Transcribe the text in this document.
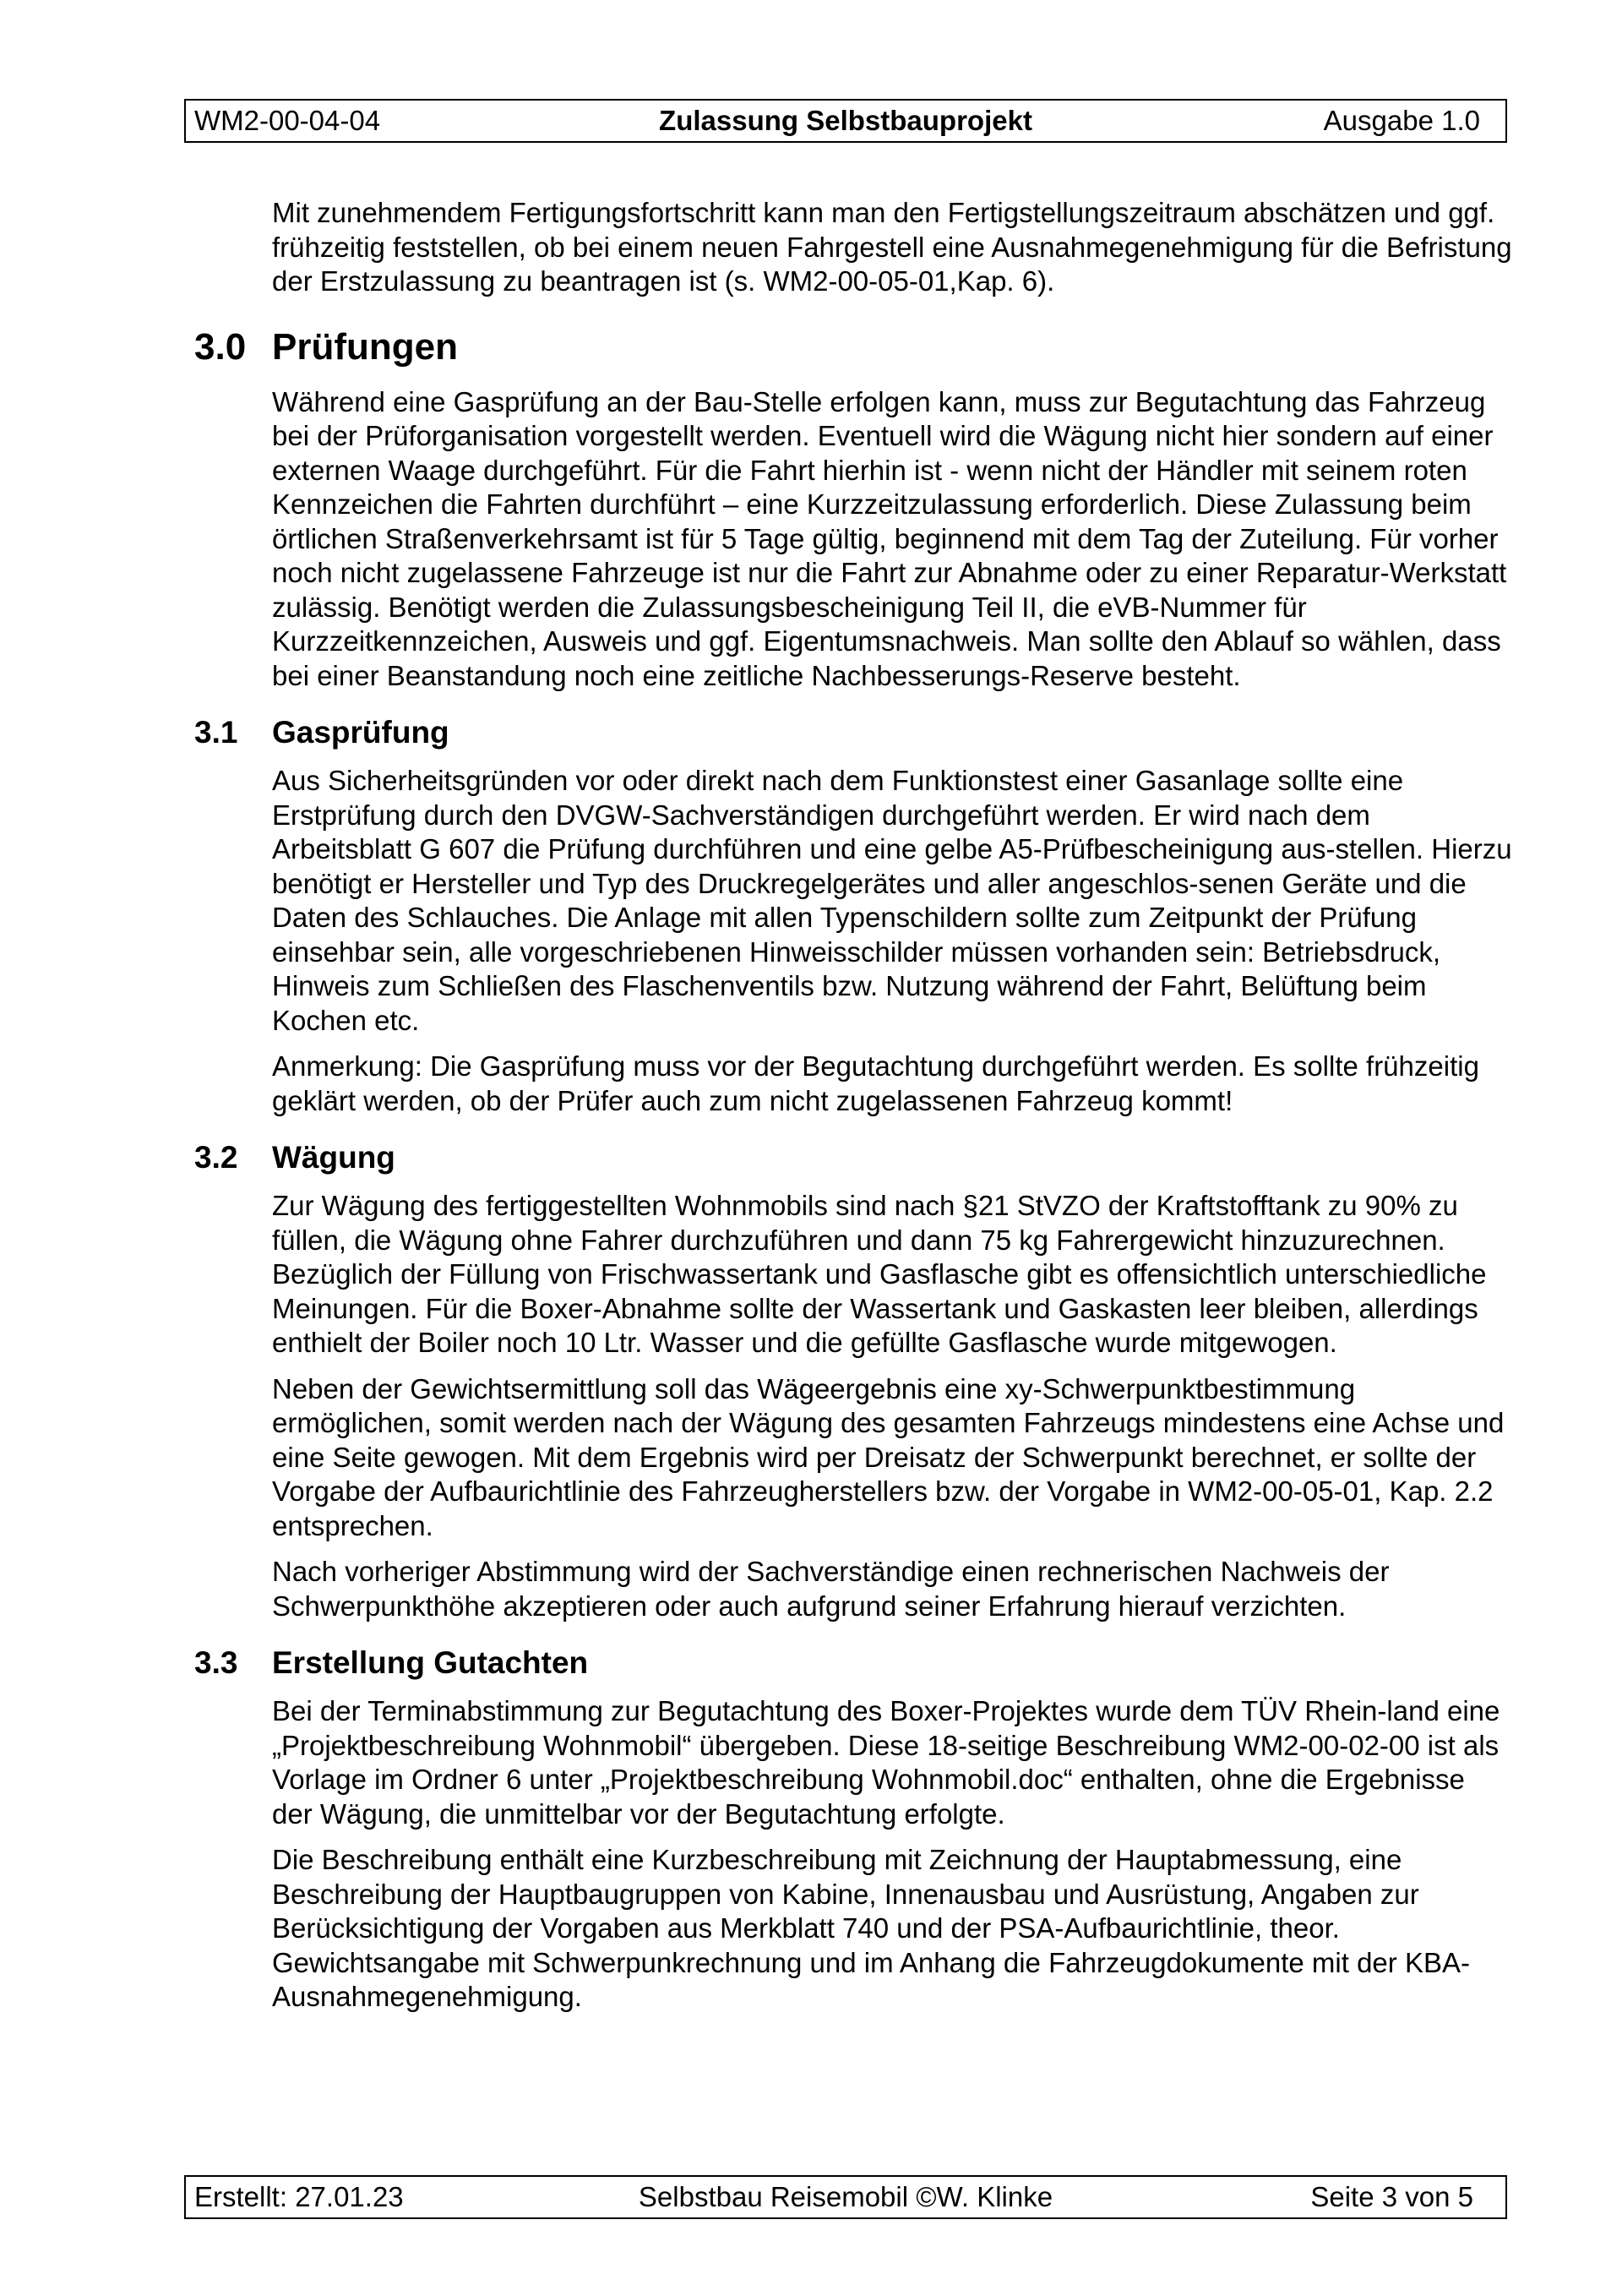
WM2-00-04-04	Zulassung Selbstbauprojekt	Ausgabe 1.0

Mit zunehmendem Fertigungsfortschritt kann man den Fertigstellungszeitraum abschätzen und ggf. frühzeitig feststellen, ob bei einem neuen Fahrgestell eine Ausnahmegenehmigung für die Befristung der Erstzulassung zu beantragen ist (s. WM2-00-05-01,Kap. 6).

3.0 Prüfungen

Während eine Gasprüfung an der Bau-Stelle erfolgen kann, muss zur Begutachtung das Fahrzeug bei der Prüforganisation vorgestellt werden. Eventuell wird die Wägung nicht hier sondern auf einer externen Waage durchgeführt. Für die Fahrt hierhin ist - wenn nicht der Händler mit seinem roten Kennzeichen die Fahrten durchführt – eine Kurzzeitzulassung erforderlich. Diese Zulassung beim örtlichen Straßenverkehrsamt ist für 5 Tage gültig, beginnend mit dem Tag der Zuteilung. Für vorher noch nicht zugelassene Fahrzeuge ist nur die Fahrt zur Abnahme oder zu einer Reparatur-Werkstatt zulässig. Benötigt werden die Zulassungsbescheinigung Teil II, die eVB-Nummer für Kurzzeitkennzeichen, Ausweis und ggf. Eigentumsnachweis. Man sollte den Ablauf so wählen, dass bei einer Beanstandung noch eine zeitliche Nachbesserungs-Reserve besteht.

3.1	Gasprüfung

Aus Sicherheitsgründen vor oder direkt nach dem Funktionstest einer Gasanlage sollte eine Erstprüfung durch den DVGW-Sachverständigen durchgeführt werden. Er wird nach dem Arbeitsblatt G 607 die Prüfung durchführen und eine gelbe A5-Prüfbescheinigung aus-stellen. Hierzu benötigt er Hersteller und Typ des Druckregelgerätes und aller angeschlos-senen Geräte und die Daten des Schlauches. Die Anlage mit allen Typenschildern sollte zum Zeitpunkt der Prüfung einsehbar sein, alle vorgeschriebenen Hinweisschilder müssen vorhanden sein: Betriebsdruck, Hinweis zum Schließen des Flaschenventils bzw. Nutzung während der Fahrt, Belüftung beim Kochen etc.

Anmerkung: Die Gasprüfung muss vor der Begutachtung durchgeführt werden. Es sollte frühzeitig geklärt werden, ob der Prüfer auch zum nicht zugelassenen Fahrzeug kommt!

3.2	Wägung

Zur Wägung des fertiggestellten Wohnmobils sind nach §21 StVZO der Kraftstofftank zu 90% zu füllen, die Wägung ohne Fahrer durchzuführen und dann 75 kg Fahrergewicht hinzuzurechnen. Bezüglich der Füllung von Frischwassertank und Gasflasche gibt es offensichtlich unterschiedliche Meinungen. Für die Boxer-Abnahme sollte der Wassertank und Gaskasten leer bleiben, allerdings enthielt der Boiler noch 10 Ltr. Wasser und die gefüllte Gasflasche wurde mitgewogen.

Neben der Gewichtsermittlung soll das Wägeergebnis eine xy-Schwerpunktbestimmung ermöglichen, somit werden nach der Wägung des gesamten Fahrzeugs mindestens eine Achse und eine Seite gewogen. Mit dem Ergebnis wird per Dreisatz der Schwerpunkt berechnet, er sollte der Vorgabe der Aufbaurichtlinie des Fahrzeugherstellers bzw. der Vorgabe in WM2-00-05-01, Kap. 2.2 entsprechen.

Nach vorheriger Abstimmung wird der Sachverständige einen rechnerischen Nachweis der Schwerpunkthöhe akzeptieren oder auch aufgrund seiner Erfahrung hierauf verzichten.

3.3	Erstellung Gutachten

Bei der Terminabstimmung zur Begutachtung des Boxer-Projektes wurde dem TÜV Rhein-land eine „Projektbeschreibung Wohnmobil“ übergeben. Diese 18-seitige Beschreibung WM2-00-02-00 ist als Vorlage im Ordner 6 unter „Projektbeschreibung Wohnmobil.doc“ enthalten, ohne die Ergebnisse der Wägung, die unmittelbar vor der Begutachtung erfolgte.

Die Beschreibung enthält eine Kurzbeschreibung mit Zeichnung der Hauptabmessung, eine Beschreibung der Hauptbaugruppen von Kabine, Innenausbau und Ausrüstung, Angaben zur Berücksichtigung der Vorgaben aus Merkblatt 740 und der PSA-Aufbaurichtlinie, theor. Gewichtsangabe mit Schwerpunkrechnung und im Anhang die Fahrzeugdokumente mit der KBA-Ausnahmegenehmigung.

Erstellt: 27.01.23	Selbstbau Reisemobil ©W. Klinke	Seite 3 von 5
